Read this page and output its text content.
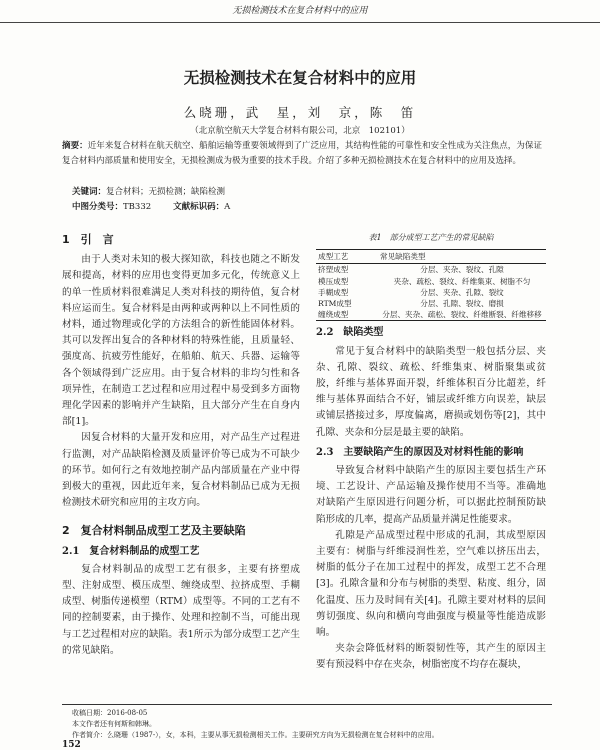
无损检测技术在复合材料中的应用
无损检测技术在复合材料中的应用
么晓珊，武　星，刘　京，陈　笛
（北京航空航天大学复合材料有限公司，北京　102101）
摘要：近年来复合材料在航天航空、船舶运输等重要领域得到了广泛应用，其结构性能的可靠性和安全性成为关注焦点，为保证复合材料内部质量和使用安全，无损检测成为极为重要的技术手段。介绍了多种无损检测技术在复合材料中的应用及选择。
关键词：复合材料；无损检测；缺陷检测
中图分类号：TB332	文献标识码：A
1　引　言

由于人类对未知的极大探知欲，科技也随之不断发展和提高，材料的应用也变得更加多元化，传统意义上的单一性质材料很难满足人类对科技的期待值，复合材料应运而生。复合材料是由两种或两种以上不同性质的材料，通过物理或化学的方法组合的新性能固体材料。其可以发挥出复合的各种材料的特殊性能，且质量轻、强度高、抗疲劳性能好，在船舶、航天、兵器、运输等各个领域得到广泛应用。由于复合材料的非均匀性和各项异性，在制造工艺过程和应用过程中易受到多方面物理化学因素的影响并产生缺陷，且大部分产生在自身内部[1]。

因复合材料的大量开发和应用，对产品生产过程进行监测，对产品缺陷检测及质量评价等已成为不可缺少的环节。如何行之有效地控制产品内部质量在产业中得到极大的重视，因此近年来，复合材料制品已成为无损检测技术研究和应用的主攻方向。

2　复合材料制品成型工艺及主要缺陷
2.1　复合材料制品的成型工艺

复合材料制品的成型工艺有很多，主要有挤塑成型、注射成型、模压成型、缠绕成型、拉挤成型、手糊成型、树脂传递模塑（RTM）成型等。不同的工艺有不同的控制要素，由于操作、处理和控制不当，可能出现与工艺过程相对应的缺陷。表1所示为部分成型工艺产生的常见缺陷。

表1　部分成型工艺产生的常见缺陷
成型工艺	常见缺陷类型
挤塑成型	分层、夹杂、裂纹、孔隙
模压成型	夹杂、疏松、裂纹、纤维集束、树脂不匀
手糊成型	分层、夹杂、孔隙、裂纹
RTM成型	分层、孔隙、裂纹、磨损
缠绕成型	分层、夹杂、疏松、裂纹、纤维断裂、纤维移移
2.2　缺陷类型

常见于复合材料中的缺陷类型一般包括分层、夹杂、孔隙、裂纹、疏松、纤维集束、树脂聚集或贫胶，纤维与基体界面开裂，纤维体积百分比超差，纤维与基体界面结合不好，铺层或纤维方向误差，缺层或铺层搭接过多，厚度偏离，磨损或划伤等[2]，其中孔隙、夹杂和分层是最主要的缺陷。

2.3　主要缺陷产生的原因及对材料性能的影响

导致复合材料中缺陷产生的原因主要包括生产环境、工艺设计、产品运输及操作使用不当等。准确地对缺陷产生原因进行问题分析，可以据此控制预防缺陷形成的几率，提高产品质量并满足性能要求。

孔隙是产品成型过程中形成的孔洞，其成型原因主要有：树脂与纤维浸润性差，空气难以挤压出去，树脂的低分子在加工过程中的挥发，成型工艺不合理[3]。孔隙含量和分布与树脂的类型、粘度、组分，固化温度、压力及时间有关[4]。孔隙主要对材料的层间剪切强度、纵向和横向弯曲强度与模量等性能造成影响。

夹杂会降低材料的断裂韧性等，其产生的原因主要有预浸料中存在夹杂，树脂密度不均存在凝块，

收稿日期：2016-08-05
本文作者还有何斯和韩琳。
作者简介：么晓珊（1987-），女，本科，主要从事无损检测相关工作。主要研究方向为无损检测在复合材料中的应用。
152
